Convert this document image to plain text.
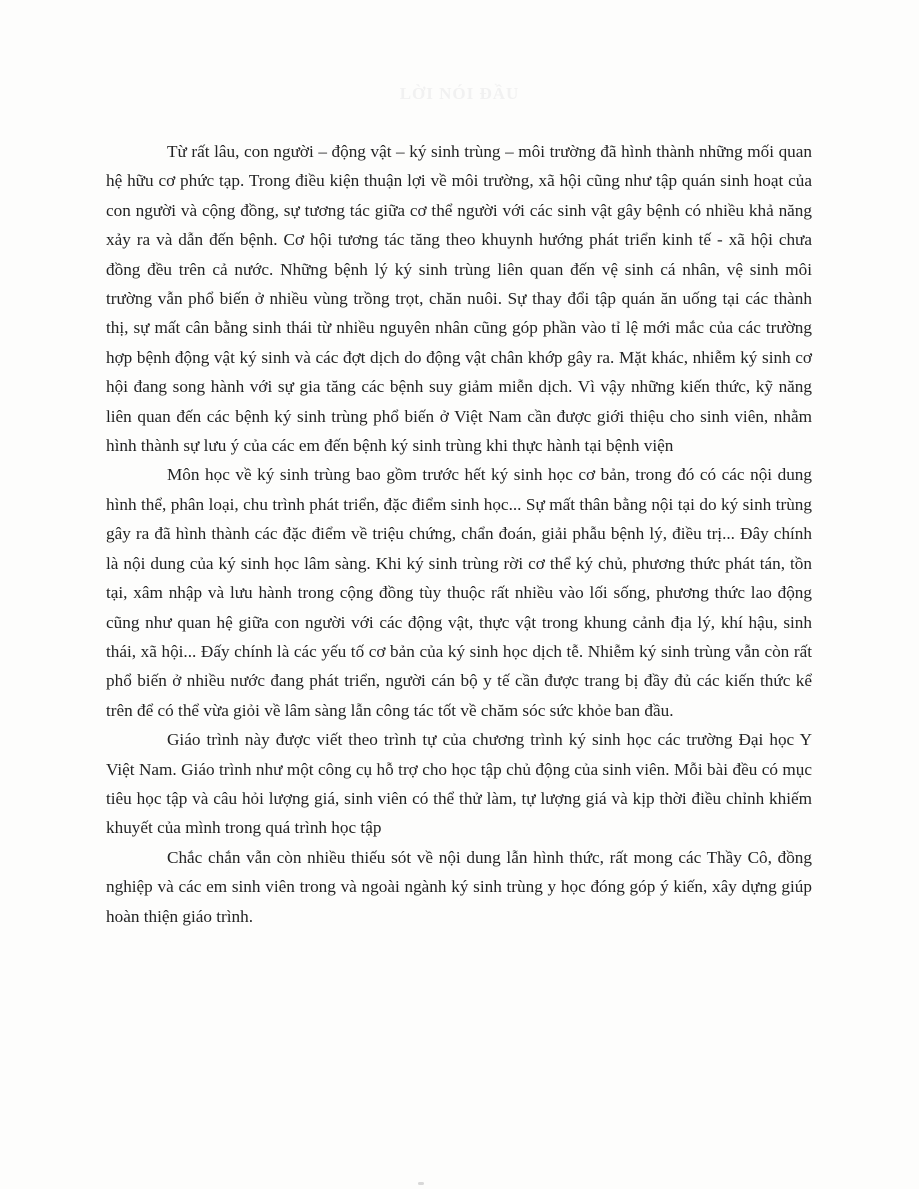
LỜI NÓI ĐẦU

Từ rất lâu, con người – động vật – ký sinh trùng – môi trường đã hình thành những mối quan hệ hữu cơ phức tạp. Trong điều kiện thuận lợi về môi trường, xã hội cũng như tập quán sinh hoạt của con người và cộng đồng, sự tương tác giữa cơ thể người với các sinh vật gây bệnh có nhiều khả năng xảy ra và dẫn đến bệnh. Cơ hội tương tác tăng theo khuynh hướng phát triển kinh tế - xã hội chưa đồng đều trên cả nước. Những bệnh lý ký sinh trùng liên quan đến vệ sinh cá nhân, vệ sinh môi trường vẫn phổ biến ở nhiều vùng trồng trọt, chăn nuôi. Sự thay đổi tập quán ăn uống tại các thành thị, sự mất cân bằng sinh thái từ nhiều nguyên nhân cũng góp phần vào tỉ lệ mới mắc của các trường hợp bệnh động vật ký sinh và các đợt dịch do động vật chân khớp gây ra. Mặt khác, nhiễm ký sinh cơ hội đang song hành với sự gia tăng các bệnh suy giảm miễn dịch. Vì vậy những kiến thức, kỹ năng liên quan đến các bệnh ký sinh trùng phổ biến ở Việt Nam cần được giới thiệu cho sinh viên, nhằm hình thành sự lưu ý của các em đến bệnh ký sinh trùng khi thực hành tại bệnh viện

Môn học về ký sinh trùng bao gồm trước hết ký sinh học cơ bản, trong đó có các nội dung hình thể, phân loại, chu trình phát triển, đặc điểm sinh học... Sự mất thân bằng nội tại do ký sinh trùng gây ra đã hình thành các đặc điểm về triệu chứng, chẩn đoán, giải phẫu bệnh lý, điều trị... Đây chính là nội dung của ký sinh học lâm sàng. Khi ký sinh trùng rời cơ thể ký chủ, phương thức phát tán, tồn tại, xâm nhập và lưu hành trong cộng đồng tùy thuộc rất nhiều vào lối sống, phương thức lao động cũng như quan hệ giữa con người với các động vật, thực vật trong khung cảnh địa lý, khí hậu, sinh thái, xã hội... Đấy chính là các yếu tố cơ bản của ký sinh học dịch tễ. Nhiễm ký sinh trùng vẫn còn rất phổ biến ở nhiều nước đang phát triển, người cán bộ y tế cần được trang bị đầy đủ các kiến thức kể trên để có thể vừa giỏi về lâm sàng lẫn công tác tốt về chăm sóc sức khỏe ban đầu.

Giáo trình này được viết theo trình tự của chương trình ký sinh học các trường Đại học Y Việt Nam. Giáo trình như một công cụ hỗ trợ cho học tập chủ động của sinh viên. Mỗi bài đều có mục tiêu học tập và câu hỏi lượng giá, sinh viên có thể thử làm, tự lượng giá và kịp thời điều chỉnh khiếm khuyết của mình trong quá trình học tập

Chắc chắn vẫn còn nhiều thiếu sót về nội dung lẫn hình thức, rất mong các Thầy Cô, đồng nghiệp và các em sinh viên trong và ngoài ngành ký sinh trùng y học đóng góp ý kiến, xây dựng giúp hoàn thiện giáo trình.
